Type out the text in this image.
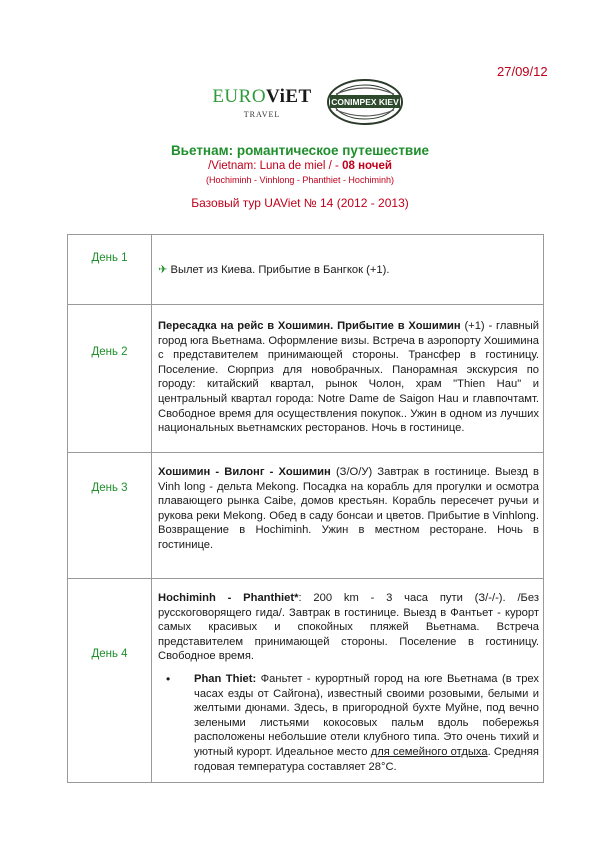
27/09/12
EUROViET
TRAVEL
CONIMPEX KIEV
Вьетнам: романтическое путешествие
/Vietnam: Luna de miel / - 08 ночей
(Hochiminh - Vinhlong - Phanthiet - Hochiminh)
Базовый тур UAViet № 14 (2012 - 2013)
День 1	✈ Вылет из Киева. Прибытие в Бангкок (+1).

День 2	Пересадка на рейс в Хошимин. Прибытие в Хошимин (+1) - главный город юга Вьетнама. Оформление визы. Встреча в аэропорту Хошимина с представителем принимающей стороны. Трансфер в гостиницу. Поселение. Сюрприз для новобрачных. Панорамная экскурсия по городу: китайский квартал, рынок Чолон, храм "Thien Hau" и центральный квартал города: Notre Dame de Saigon Hau и главпочтамт. Свободное время для осуществления покупок.. Ужин в одном из лучших национальных вьетнамских ресторанов. Ночь в гостинице.

День 3	Хошимин - Вилонг - Хошимин (З/О/У) Завтрак в гостинице. Выезд в Vinh long - дельта Mekong. Посадка на корабль для прогулки и осмотра плавающего рынка Caibe, домов крестьян. Корабль пересечет ручьи и рукова реки Mekong. Обед в саду бонсаи и цветов. Прибытие в Vinhlong. Возвращение в Hochiminh. Ужин в местном ресторане. Ночь в гостинице.

День 4	Hochiminh - Phanthiet*: 200 km - 3 часа пути (З/-/-). /Без русскоговорящего гида/. Завтрак в гостинице. Выезд в Фантьет - курорт самых красивых и спокойных пляжей Вьетнама. Встреча представителем принимающей стороны. Поселение в гостиницу. Свободное время.
• Phan Thiet: Фаньтет - курортный город на юге Вьетнама (в трех часах езды от Сайгона), известный своими розовыми, белыми и желтыми дюнами. Здесь, в пригородной бухте Муйне, под вечно зелеными листьями кокосовых пальм вдоль побережья расположены небольшие отели клубного типа. Это очень тихий и уютный курорт. Идеальное место для семейного отдыха. Средняя годовая температура составляет 28°C.
